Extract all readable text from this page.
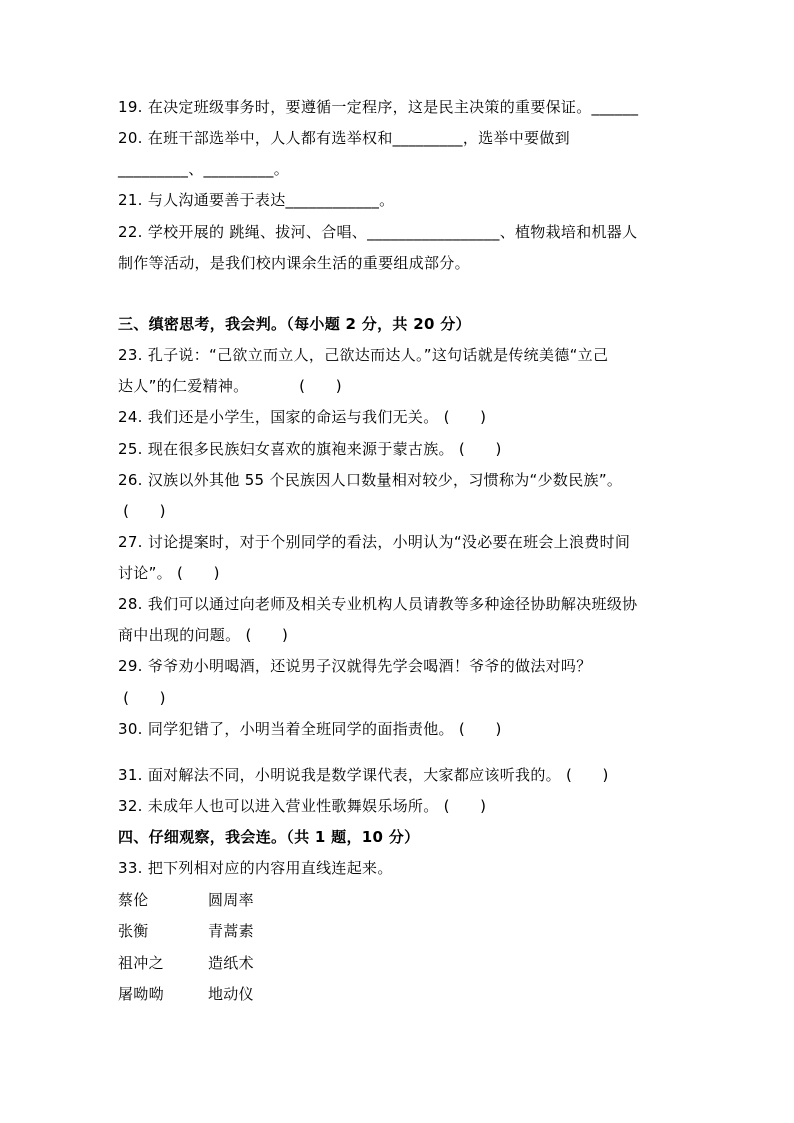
19. 在决定班级事务时，要遵循一定程序，这是民主决策的重要保证。______
20. 在班干部选举中，人人都有选举权和_________，选举中要做到
_________、_________。
21. 与人沟通要善于表达____________。
22. 学校开展的 跳绳、拔河、合唱、_________________、植物栽培和机器人
制作等活动，是我们校内课余生活的重要组成部分。
三、缜密思考，我会判。（每小题 2 分，共 20 分）
23. 孔子说：“己欲立而立人，己欲达而达人。”这句话就是传统美德“立己
达人”的仁爱精神。          (      )
24. 我们还是小学生，国家的命运与我们无关。 (      )
25. 现在很多民族妇女喜欢的旗袍来源于蒙古族。 (      )
26. 汉族以外其他 55 个民族因人口数量相对较少，习惯称为“少数民族”。
(      )
27. 讨论提案时，对于个别同学的看法，小明认为“没必要在班会上浪费时间
讨论”。 (      )
28. 我们可以通过向老师及相关专业机构人员请教等多种途径协助解决班级协
商中出现的问题。 (      )
29. 爷爷劝小明喝酒，还说男子汉就得先学会喝酒！爷爷的做法对吗？
(      )
30. 同学犯错了，小明当着全班同学的面指责他。 (      )
31. 面对解法不同，小明说我是数学课代表，大家都应该听我的。 (      )
32. 未成年人也可以进入营业性歌舞娱乐场所。 (      )
四、仔细观察，我会连。（共 1 题，10 分）
33. 把下列相对应的内容用直线连起来。
蔡伦	圆周率
张衡	青蒿素
祖冲之	造纸术
屠呦呦	地动仪
